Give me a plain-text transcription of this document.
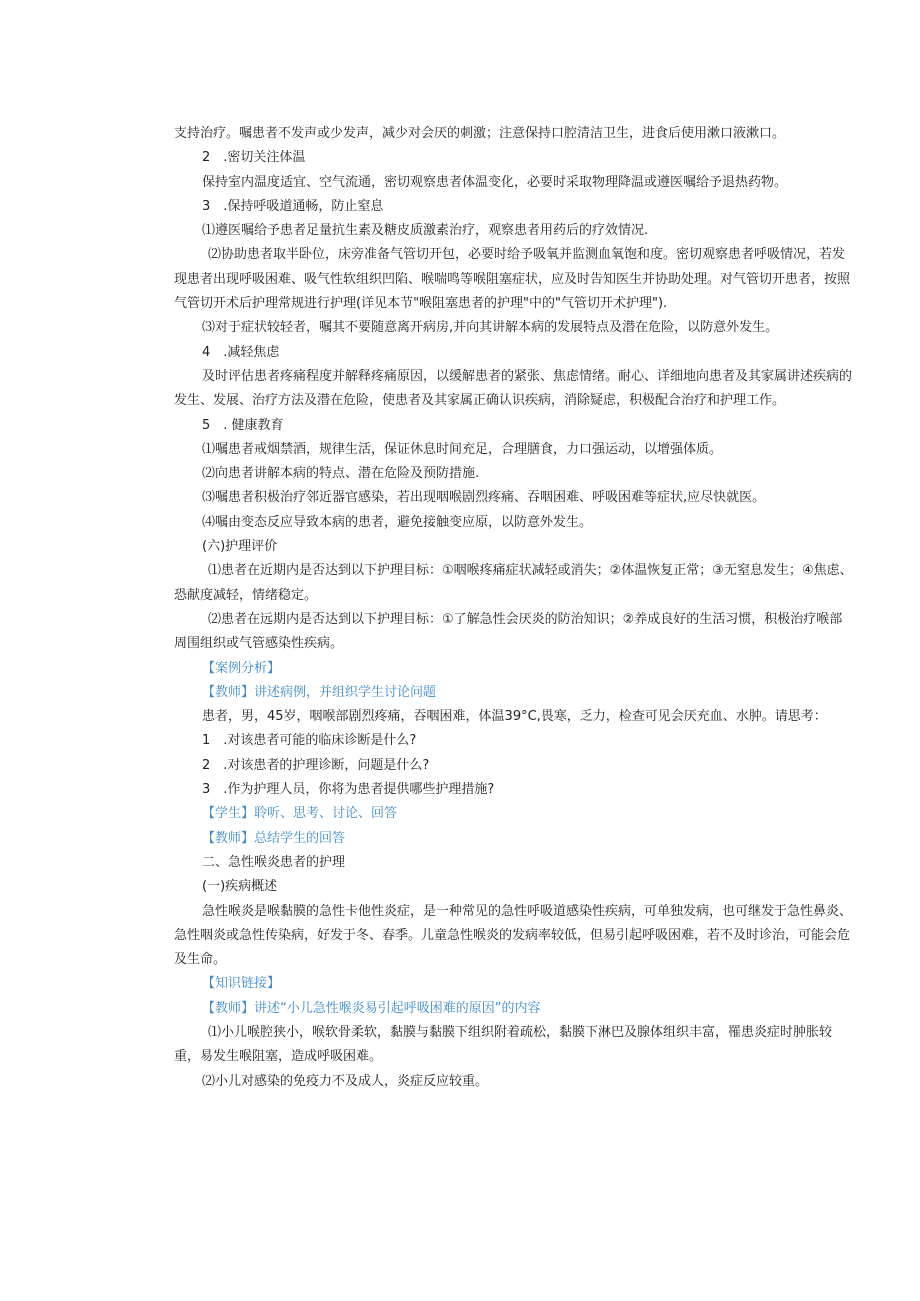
支持治疗。嘱患者不发声或少发声，减少对会厌的刺激；注意保持口腔清洁卫生，进食后使用漱口液漱口。

2　.密切关注体温

保持室内温度适宜、空气流通，密切观察患者体温变化，必要时采取物理降温或遵医嘱给予退热药物。

3　.保持呼吸道通畅，防止窒息

⑴遵医嘱给予患者足量抗生素及糖皮质激素治疗，观察患者用药后的疗效情况.

⑵协助患者取半卧位，床旁准备气管切开包，必要时给予吸氧并监测血氧饱和度。密切观察患者呼吸情况，若发现患者出现呼吸困难、吸气性软组织凹陷、喉喘鸣等喉阻塞症状，应及时告知医生并协助处理。对气管切开患者，按照气管切开术后护理常规进行护理(详见本节"喉阻塞患者的护理"中的"气管切开术护理").

⑶对于症状较轻者，嘱其不要随意离开病房,并向其讲解本病的发展特点及潜在危险，以防意外发生。

4　.减轻焦虑

及时评估患者疼痛程度并解释疼痛原因，以缓解患者的紧张、焦虑情绪。耐心、详细地向患者及其家属讲述疾病的发生、发展、治疗方法及潜在危险，使患者及其家属正确认识疾病，消除疑虑，积极配合治疗和护理工作。

5　. 健康教育

⑴嘱患者戒烟禁酒，规律生活，保证休息时间充足，合理膳食，力口强运动，以增强体质。

⑵向患者讲解本病的特点、潜在危险及预防措施.

⑶嘱患者积极治疗邻近器官感染，若出现咽喉剧烈疼痛、吞咽困难、呼吸困难等症状,应尽快就医。

⑷嘱由变态反应导致本病的患者，避免接触变应原，以防意外发生。

(六)护理评价

⑴患者在近期内是否达到以下护理目标：①咽喉疼痛症状减轻或消失；②体温恢复正常；③无窒息发生；④焦虑、恐献度减轻，情绪稳定。

⑵患者在远期内是否达到以下护理目标：①了解急性会厌炎的防治知识；②养成良好的生活习惯，积极治疗喉部周围组织或气管感染性疾病。

【案例分析】

【教师】讲述病例，并组织学生讨论问题

患者，男，45岁，咽喉部剧烈疼痛，吞咽困难，体温39°C,畏寒，乏力，检查可见会厌充血、水肿。请思考：

1　.对该患者可能的临床诊断是什么?

2　.对该患者的护理诊断，问题是什么?

3　.作为护理人员，你将为患者提供哪些护理措施?

【学生】聆听、思考、讨论、回答

【教师】总结学生的回答

二、急性喉炎患者的护理

(一)疾病概述

急性喉炎是喉黏膜的急性卡他性炎症，是一种常见的急性呼吸道感染性疾病，可单独发病，也可继发于急性鼻炎、急性咽炎或急性传染病，好发于冬、春季。儿童急性喉炎的发病率较低，但易引起呼吸困难，若不及时诊治，可能会危及生命。

【知识链接】

【教师】讲述“小儿急性喉炎易引起呼吸困难的原因”的内容

⑴小儿喉腔狭小，喉软骨柔软，黏膜与黏膜下组织附着疏松，黏膜下淋巴及腺体组织丰富，罹患炎症时肿胀较重，易发生喉阻塞，造成呼吸困难。

⑵小儿对感染的免疫力不及成人，炎症反应较重。
